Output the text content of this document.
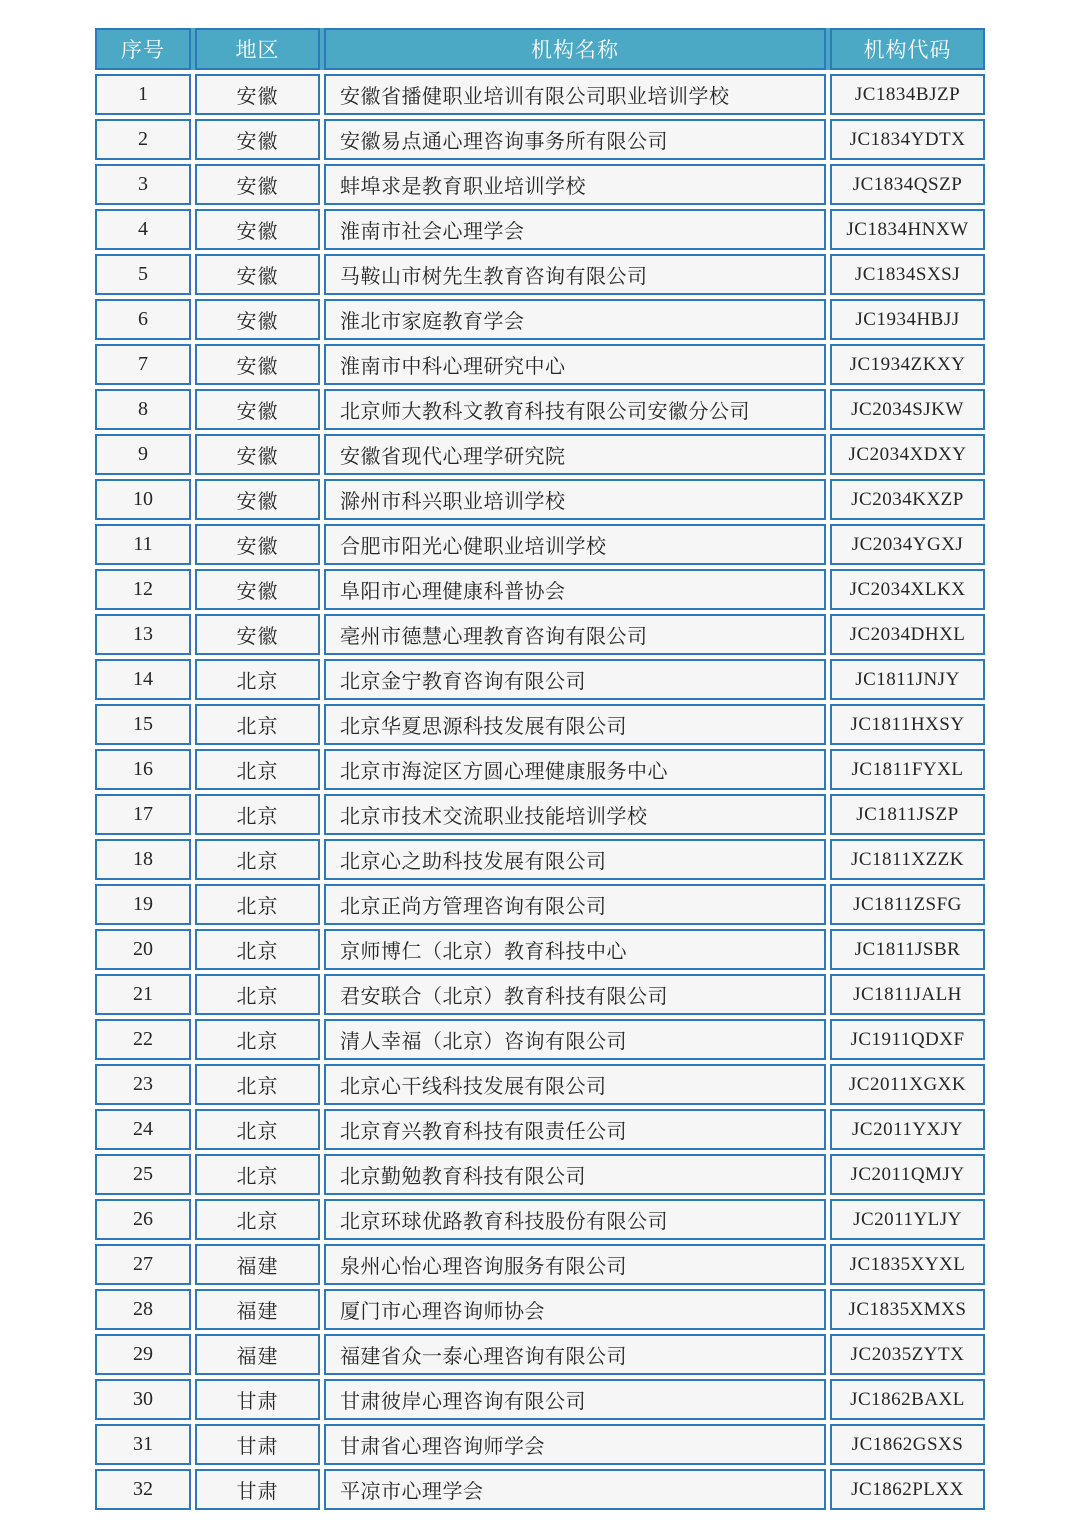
序号	地区	机构名称	机构代码
1	安徽	安徽省播健职业培训有限公司职业培训学校	JC1834BJZP
2	安徽	安徽易点通心理咨询事务所有限公司	JC1834YDTX
3	安徽	蚌埠求是教育职业培训学校	JC1834QSZP
4	安徽	淮南市社会心理学会	JC1834HNXW
5	安徽	马鞍山市树先生教育咨询有限公司	JC1834SXSJ
6	安徽	淮北市家庭教育学会	JC1934HBJJ
7	安徽	淮南市中科心理研究中心	JC1934ZKXY
8	安徽	北京师大教科文教育科技有限公司安徽分公司	JC2034SJKW
9	安徽	安徽省现代心理学研究院	JC2034XDXY
10	安徽	滁州市科兴职业培训学校	JC2034KXZP
11	安徽	合肥市阳光心健职业培训学校	JC2034YGXJ
12	安徽	阜阳市心理健康科普协会	JC2034XLKX
13	安徽	亳州市德慧心理教育咨询有限公司	JC2034DHXL
14	北京	北京金宁教育咨询有限公司	JC1811JNJY
15	北京	北京华夏思源科技发展有限公司	JC1811HXSY
16	北京	北京市海淀区方圆心理健康服务中心	JC1811FYXL
17	北京	北京市技术交流职业技能培训学校	JC1811JSZP
18	北京	北京心之助科技发展有限公司	JC1811XZZK
19	北京	北京正尚方管理咨询有限公司	JC1811ZSFG
20	北京	京师博仁（北京）教育科技中心	JC1811JSBR
21	北京	君安联合（北京）教育科技有限公司	JC1811JALH
22	北京	清人幸福（北京）咨询有限公司	JC1911QDXF
23	北京	北京心干线科技发展有限公司	JC2011XGXK
24	北京	北京育兴教育科技有限责任公司	JC2011YXJY
25	北京	北京勤勉教育科技有限公司	JC2011QMJY
26	北京	北京环球优路教育科技股份有限公司	JC2011YLJY
27	福建	泉州心怡心理咨询服务有限公司	JC1835XYXL
28	福建	厦门市心理咨询师协会	JC1835XMXS
29	福建	福建省众一泰心理咨询有限公司	JC2035ZYTX
30	甘肃	甘肃彼岸心理咨询有限公司	JC1862BAXL
31	甘肃	甘肃省心理咨询师学会	JC1862GSXS
32	甘肃	平凉市心理学会	JC1862PLXX
